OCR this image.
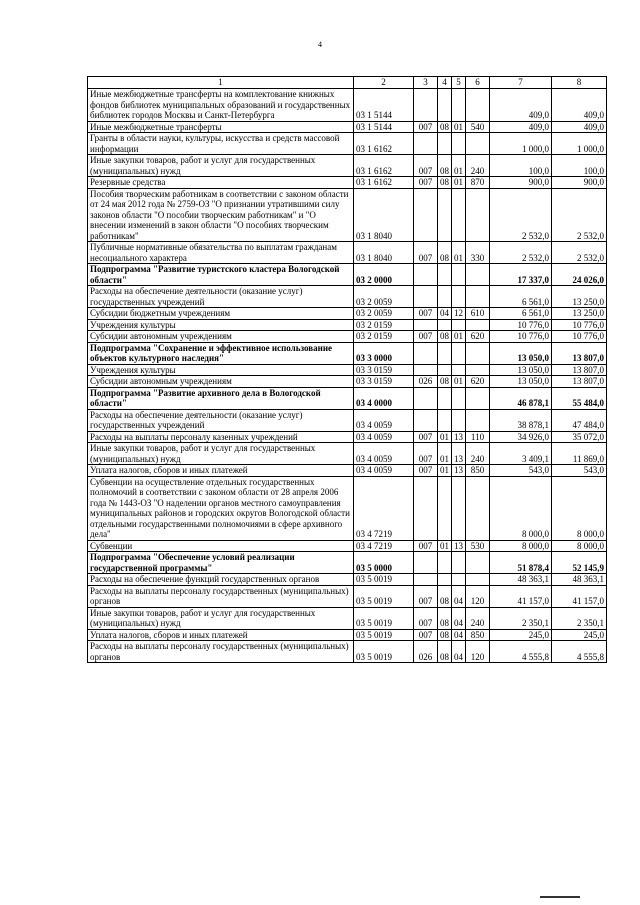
4
1	2	3	4	5	6	7	8
Иные межбюджетные трансферты на комплектование книжных фондов библиотек муниципальных образований и государственных библиотек городов Москвы и Санкт-Петербурга	03 1 5144					409,0	409,0
Иные межбюджетные трансферты	03 1 5144	007	08	01	540	409,0	409,0
Гранты в области науки, культуры, искусства и средств массовой информации	03 1 6162					1 000,0	1 000,0
Иные закупки товаров, работ и услуг для государственных (муниципальных) нужд	03 1 6162	007	08	01	240	100,0	100,0
Резервные средства	03 1 6162	007	08	01	870	900,0	900,0
Пособия творческим работникам в соответствии с законом области от 24 мая 2012 года № 2759-ОЗ "О признании утратившими силу законов области "О пособии творческим работникам" и "О внесении изменений в закон области "О пособиях творческим работникам"	03 1 8040					2 532,0	2 532,0
Публичные нормативные обязательства по выплатам гражданам несоциального характера	03 1 8040	007	08	01	330	2 532,0	2 532,0
Подпрограмма "Развитие туристского кластера Вологодской области"	03 2 0000					17 337,0	24 026,0
Расходы на обеспечение деятельности (оказание услуг) государственных учреждений	03 2 0059					6 561,0	13 250,0
Субсидии бюджетным учреждениям	03 2 0059	007	04	12	610	6 561,0	13 250,0
Учреждения культуры	03 2 0159					10 776,0	10 776,0
Субсидии автономным учреждениям	03 2 0159	007	08	01	620	10 776,0	10 776,0
Подпрограмма "Сохранение и эффективное использование объектов культурного наследия"	03 3 0000					13 050,0	13 807,0
Учреждения культуры	03 3 0159					13 050,0	13 807,0
Субсидии автономным учреждениям	03 3 0159	026	08	01	620	13 050,0	13 807,0
Подпрограмма "Развитие архивного дела в Вологодской области"	03 4 0000					46 878,1	55 484,0
Расходы на обеспечение деятельности (оказание услуг) государственных учреждений	03 4 0059					38 878,1	47 484,0
Расходы на выплаты персоналу казенных учреждений	03 4 0059	007	01	13	110	34 926,0	35 072,0
Иные закупки товаров, работ и услуг для государственных (муниципальных) нужд	03 4 0059	007	01	13	240	3 409,1	11 869,0
Уплата налогов, сборов и иных платежей	03 4 0059	007	01	13	850	543,0	543,0
Субвенции на осуществление отдельных государственных полномочий в соответствии с законом области от 28 апреля 2006 года № 1443-ОЗ "О наделении органов местного самоуправления муниципальных районов и городских округов Вологодской области отдельными государственными полномочиями в сфере архивного дела"	03 4 7219					8 000,0	8 000,0
Субвенции	03 4 7219	007	01	13	530	8 000,0	8 000,0
Подпрограмма "Обеспечение условий реализации государственной программы"	03 5 0000					51 878,4	52 145,9
Расходы на обеспечение функций государственных органов	03 5 0019					48 363,1	48 363,1
Расходы на выплаты персоналу государственных (муниципальных) органов	03 5 0019	007	08	04	120	41 157,0	41 157,0
Иные закупки товаров, работ и услуг для государственных (муниципальных) нужд	03 5 0019	007	08	04	240	2 350,1	2 350,1
Уплата налогов, сборов и иных платежей	03 5 0019	007	08	04	850	245,0	245,0
Расходы на выплаты персоналу государственных (муниципальных) органов	03 5 0019	026	08	04	120	4 555,8	4 555,8
